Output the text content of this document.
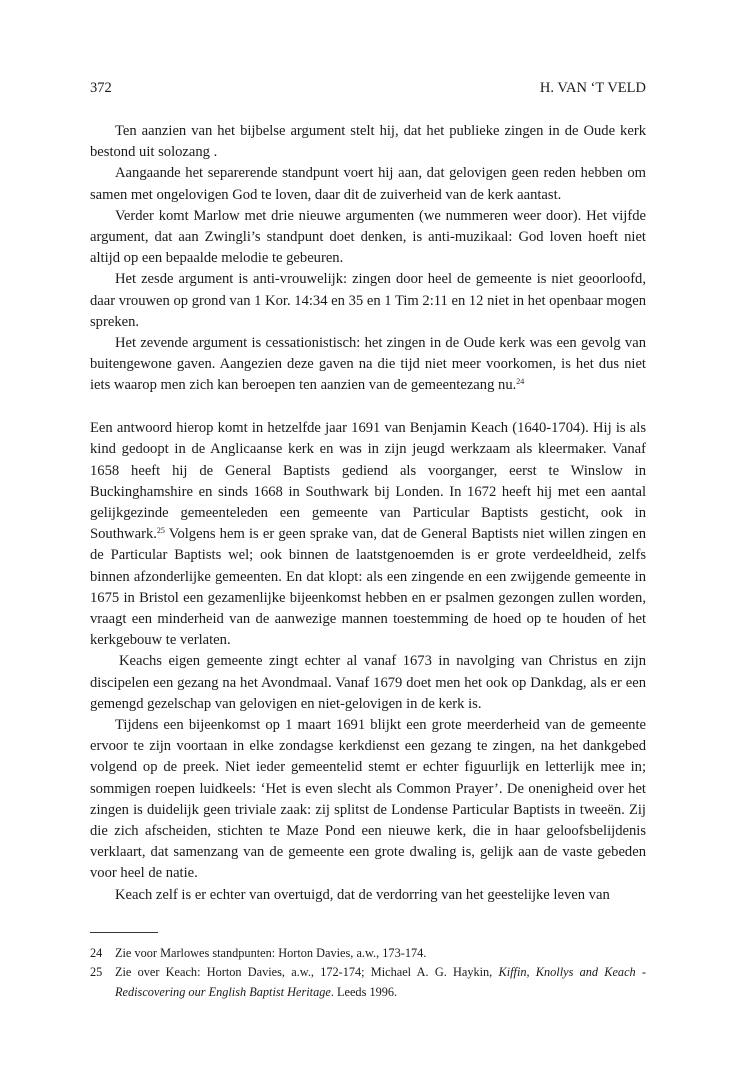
372	H. VAN ‘T VELD

Ten aanzien van het bijbelse argument stelt hij, dat het publieke zingen in de Oude kerk bestond uit solozang .

Aangaande het separerende standpunt voert hij aan, dat gelovigen geen reden hebben om samen met ongelovigen God te loven, daar dit de zuiverheid van de kerk aantast.

Verder komt Marlow met drie nieuwe argumenten (we nummeren weer door). Het vijfde argument, dat aan Zwingli’s standpunt doet denken, is anti-muzikaal: God loven hoeft niet altijd op een bepaalde melodie te gebeuren.

Het zesde argument is anti-vrouwelijk: zingen door heel de gemeente is niet geoorloofd, daar vrouwen op grond van 1 Kor. 14:34 en 35 en 1 Tim 2:11 en 12 niet in het openbaar mogen spreken.

Het zevende argument is cessationistisch: het zingen in de Oude kerk was een gevolg van buitengewone gaven. Aangezien deze gaven na die tijd niet meer voorkomen, is het dus niet iets waarop men zich kan beroepen ten aanzien van de gemeentezang nu.$^{24}$

Een antwoord hierop komt in hetzelfde jaar 1691 van Benjamin Keach (1640-1704). Hij is als kind gedoopt in de Anglicaanse kerk en was in zijn jeugd werkzaam als kleermaker. Vanaf 1658 heeft hij de General Baptists gediend als voorganger, eerst te Winslow in Buckinghamshire en sinds 1668 in Southwark bij Londen. In 1672 heeft hij met een aantal gelijkgezinde gemeenteleden een gemeente van Particular Baptists gesticht, ook in Southwark.$^{25}$ Volgens hem is er geen sprake van, dat de General Baptists niet willen zingen en de Particular Baptists wel; ook binnen de laatstgenoemden is er grote verdeeldheid, zelfs binnen afzonderlijke gemeenten. En dat klopt: als een zingende en een zwijgende gemeente in 1675 in Bristol een gezamenlijke bijeenkomst hebben en er psalmen gezongen zullen worden, vraagt een minderheid van de aanwezige mannen toestemming de hoed op te houden of het kerkgebouw te verlaten.

Keachs eigen gemeente zingt echter al vanaf 1673 in navolging van Christus en zijn discipelen een gezang na het Avondmaal. Vanaf 1679 doet men het ook op Dankdag, als er een gemengd gezelschap van gelovigen en niet-gelovigen in de kerk is.

Tijdens een bijeenkomst op 1 maart 1691 blijkt een grote meerderheid van de gemeente ervoor te zijn voortaan in elke zondagse kerkdienst een gezang te zingen, na het dankgebed volgend op de preek. Niet ieder gemeentelid stemt er echter figuurlijk en letterlijk mee in; sommigen roepen luidkeels: ‘Het is even slecht als Common Prayer’. De onenigheid over het zingen is duidelijk geen triviale zaak: zij splitst de Londense Particular Baptists in tweeën. Zij die zich afscheiden, stichten te Maze Pond een nieuwe kerk, die in haar geloofsbelijdenis verklaart, dat samenzang van de gemeente een grote dwaling is, gelijk aan de vaste gebeden voor heel de natie.

Keach zelf is er echter van overtuigd, dat de verdorring van het geestelijke leven van

24 Zie voor Marlowes standpunten: Horton Davies, a.w., 173-174.
25 Zie over Keach: Horton Davies, a.w., 172-174; Michael A. G. Haykin, Kiffin, Knollys and Keach - Rediscovering our English Baptist Heritage. Leeds 1996.
